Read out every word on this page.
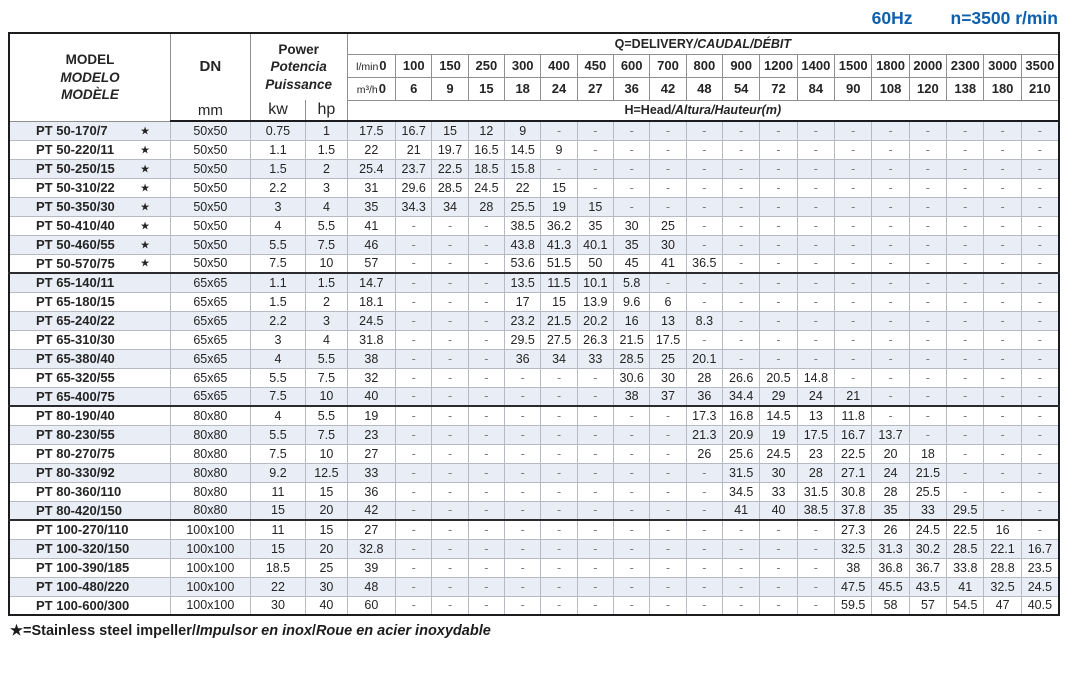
60Hz n=3500 r/min
MODEL
MODELO
MODÈLE
	DN	
Power
Potencia
Puissance
	Q=DELIVERY/CAUDAL/DÉBIT
				l/min0	100	150	250	300	400	450	600	700	800	900	1200	1400	1500	1800	2000	2300	3000	3500
				m³/h0	6	9	15	18	24	27	36	42	48	54	72	84	90	108	120	138	180	210
	mm	kw	hp	H=Head/Altura/Hauteur(m)																		
PT 50-170/7 ★	50x50	0.75	1	17.5	16.7	15	12	9	-	-	-	-	-	-	-	-	-	-	-	-	-	-
PT 50-220/11 ★	50x50	1.1	1.5	22	21	19.7	16.5	14.5	9	-	-	-	-	-	-	-	-	-	-	-	-	-
PT 50-250/15 ★	50x50	1.5	2	25.4	23.7	22.5	18.5	15.8	-	-	-	-	-	-	-	-	-	-	-	-	-	-
PT 50-310/22 ★	50x50	2.2	3	31	29.6	28.5	24.5	22	15	-	-	-	-	-	-	-	-	-	-	-	-	-
PT 50-350/30 ★	50x50	3	4	35	34.3	34	28	25.5	19	15	-	-	-	-	-	-	-	-	-	-	-	-
PT 50-410/40 ★	50x50	4	5.5	41	-	-	-	38.5	36.2	35	30	25	-	-	-	-	-	-	-	-	-	-
PT 50-460/55 ★	50x50	5.5	7.5	46	-	-	-	43.8	41.3	40.1	35	30	-	-	-	-	-	-	-	-	-	-
PT 50-570/75 ★	50x50	7.5	10	57	-	-	-	53.6	51.5	50	45	41	36.5	-	-	-	-	-	-	-	-	-
PT 65-140/11	65x65	1.1	1.5	14.7	-	-	-	13.5	11.5	10.1	5.8	-	-	-	-	-	-	-	-	-	-	-
PT 65-180/15	65x65	1.5	2	18.1	-	-	-	17	15	13.9	9.6	6	-	-	-	-	-	-	-	-	-	-
PT 65-240/22	65x65	2.2	3	24.5	-	-	-	23.2	21.5	20.2	16	13	8.3	-	-	-	-	-	-	-	-	-
PT 65-310/30	65x65	3	4	31.8	-	-	-	29.5	27.5	26.3	21.5	17.5	-	-	-	-	-	-	-	-	-	-
PT 65-380/40	65x65	4	5.5	38	-	-	-	36	34	33	28.5	25	20.1	-	-	-	-	-	-	-	-	-
PT 65-320/55	65x65	5.5	7.5	32	-	-	-	-	-	-	30.6	30	28	26.6	20.5	14.8	-	-	-	-	-	-
PT 65-400/75	65x65	7.5	10	40	-	-	-	-	-	-	38	37	36	34.4	29	24	21	-	-	-	-	-
PT 80-190/40	80x80	4	5.5	19	-	-	-	-	-	-	-	-	17.3	16.8	14.5	13	11.8	-	-	-	-	-
PT 80-230/55	80x80	5.5	7.5	23	-	-	-	-	-	-	-	-	21.3	20.9	19	17.5	16.7	13.7	-	-	-	-
PT 80-270/75	80x80	7.5	10	27	-	-	-	-	-	-	-	-	26	25.6	24.5	23	22.5	20	18	-	-	-
PT 80-330/92	80x80	9.2	12.5	33	-	-	-	-	-	-	-	-	-	31.5	30	28	27.1	24	21.5	-	-	-
PT 80-360/110	80x80	11	15	36	-	-	-	-	-	-	-	-	-	34.5	33	31.5	30.8	28	25.5	-	-	-
PT 80-420/150	80x80	15	20	42	-	-	-	-	-	-	-	-	-	41	40	38.5	37.8	35	33	29.5	-	-
PT 100-270/110	100x100	11	15	27	-	-	-	-	-	-	-	-	-	-	-	-	27.3	26	24.5	22.5	16	-
PT 100-320/150	100x100	15	20	32.8	-	-	-	-	-	-	-	-	-	-	-	-	32.5	31.3	30.2	28.5	22.1	16.7
PT 100-390/185	100x100	18.5	25	39	-	-	-	-	-	-	-	-	-	-	-	-	38	36.8	36.7	33.8	28.8	23.5
PT 100-480/220	100x100	22	30	48	-	-	-	-	-	-	-	-	-	-	-	-	47.5	45.5	43.5	41	32.5	24.5
PT 100-600/300	100x100	30	40	60	-	-	-	-	-	-	-	-	-	-	-	-	59.5	58	57	54.5	47	40.5
★=Stainless steel impeller/Impulsor en inox/Roue en acier inoxydable
